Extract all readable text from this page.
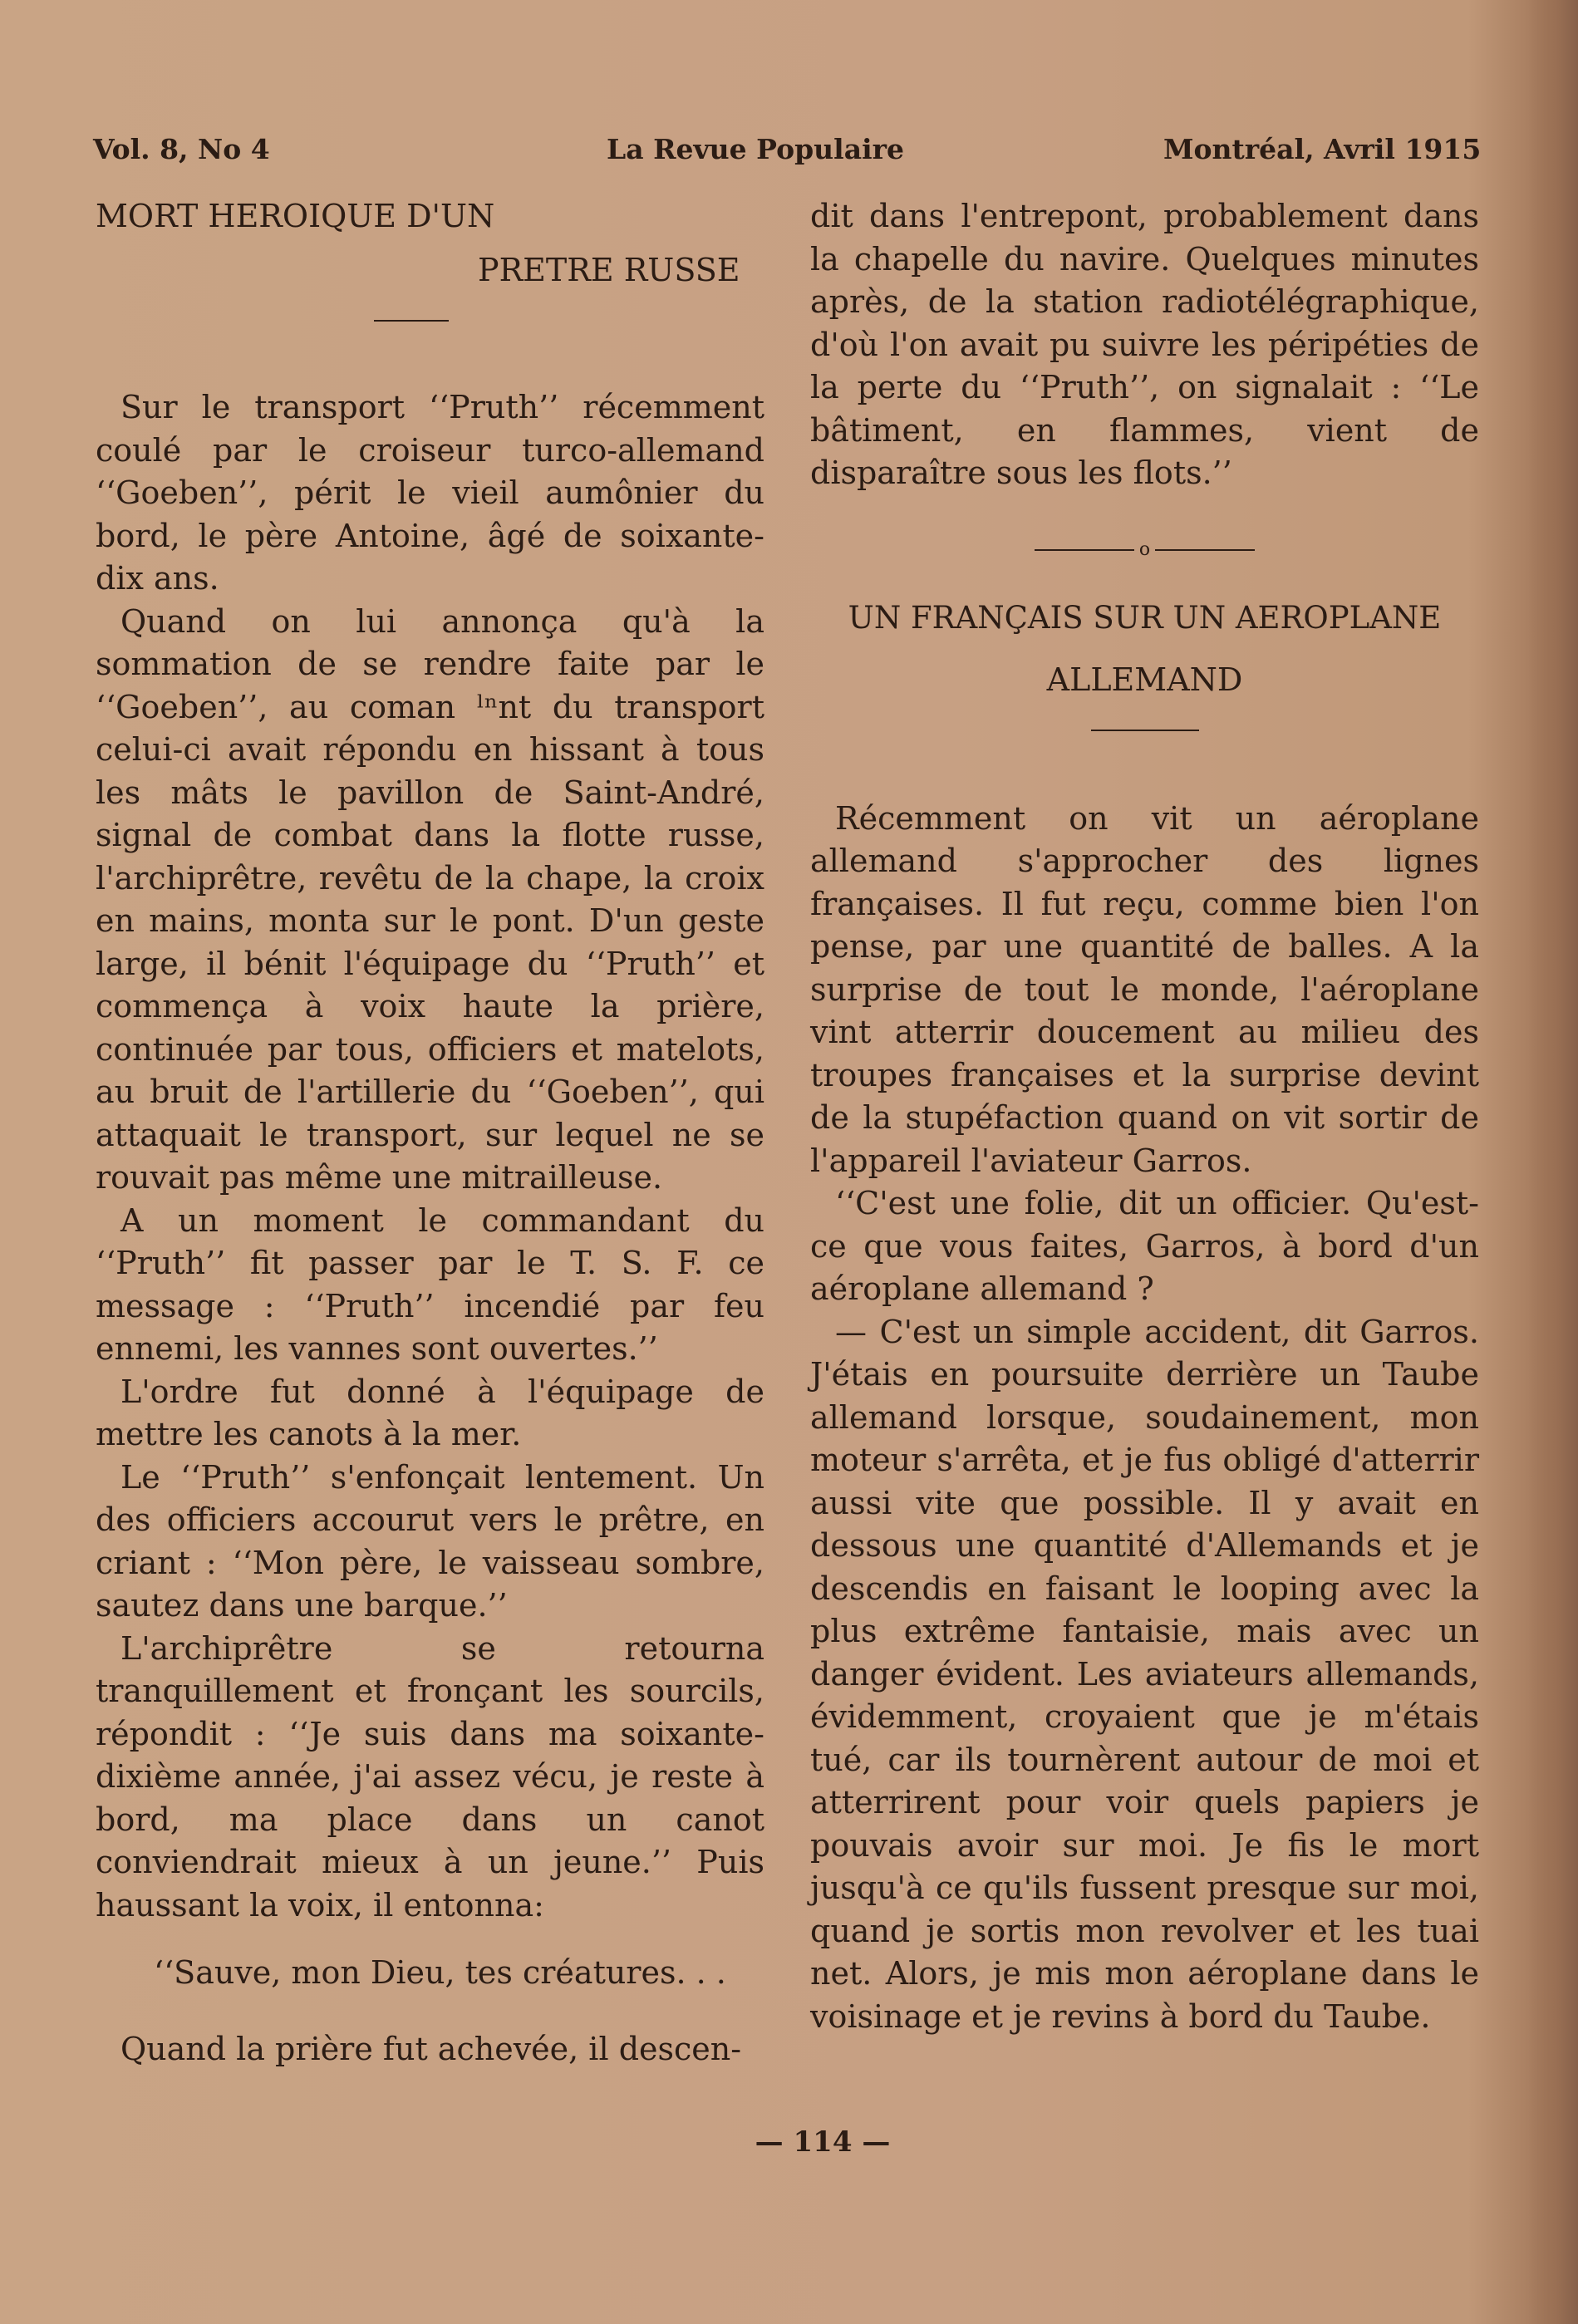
Vol. 8, No 4	La Revue Populaire	Montréal, Avril 1915
MORT HEROIQUE D'UN
PRETRE RUSSE

Sur le transport ‘‘Pruth’’ récemment coulé par le croiseur turco-allemand ‘‘Goeben’’, périt le vieil aumônier du bord, le père Antoine, âgé de soixante-dix ans.

Quand on lui annonça qu'à la sommation de se rendre faite par le ‘‘Goeben’’, au coman ˡⁿnt du transport celui-ci avait répondu en hissant à tous les mâts le pavillon de Saint-André, signal de combat dans la flotte russe, l'archiprêtre, revêtu de la chape, la croix en mains, monta sur le pont. D'un geste large, il bénit l'équipage du ‘‘Pruth’’ et commença à voix haute la prière, continuée par tous, officiers et matelots, au bruit de l'artillerie du ‘‘Goeben’’, qui attaquait le transport, sur lequel ne se rouvait pas même une mitrailleuse.

A un moment le commandant du ‘‘Pruth’’ fit passer par le T. S. F. ce message : ‘‘Pruth’’ incendié par feu ennemi, les vannes sont ouvertes.’’

L'ordre fut donné à l'équipage de mettre les canots à la mer.

Le ‘‘Pruth’’ s'enfonçait lentement. Un des officiers accourut vers le prêtre, en criant : ‘‘Mon père, le vaisseau sombre, sautez dans une barque.’’

L'archiprêtre se retourna tranquillement et fronçant les sourcils, répondit : ‘‘Je suis dans ma soixante-dixième année, j'ai assez vécu, je reste à bord, ma place dans un canot conviendrait mieux à un jeune.’’ Puis haussant la voix, il entonna:

‘‘Sauve, mon Dieu, tes créatures. . .

Quand la prière fut achevée, il descen-

dit dans l'entrepont, probablement dans la chapelle du navire. Quelques minutes après, de la station radiotélégraphique, d'où l'on avait pu suivre les péripéties de la perte du ‘‘Pruth’’, on signalait : ‘‘Le bâtiment, en flammes, vient de disparaître sous les flots.’’

o
UN FRANÇAIS SUR UN AEROPLANE
ALLEMAND

Récemment on vit un aéroplane allemand s'approcher des lignes françaises. Il fut reçu, comme bien l'on pense, par une quantité de balles. A la surprise de tout le monde, l'aéroplane vint atterrir doucement au milieu des troupes françaises et la surprise devint de la stupéfaction quand on vit sortir de l'appareil l'aviateur Garros.

‘‘C'est une folie, dit un officier. Qu'est-ce que vous faites, Garros, à bord d'un aéroplane allemand ?

— C'est un simple accident, dit Garros. J'étais en poursuite derrière un Taube allemand lorsque, soudainement, mon moteur s'arrêta, et je fus obligé d'atterrir aussi vite que possible. Il y avait en dessous une quantité d'Allemands et je descendis en faisant le looping avec la plus extrême fantaisie, mais avec un danger évident. Les aviateurs allemands, évidemment, croyaient que je m'étais tué, car ils tournèrent autour de moi et atterrirent pour voir quels papiers je pouvais avoir sur moi. Je fis le mort jusqu'à ce qu'ils fussent presque sur moi, quand je sortis mon revolver et les tuai net. Alors, je mis mon aéroplane dans le voisinage et je revins à bord du Taube.

— 114 —
